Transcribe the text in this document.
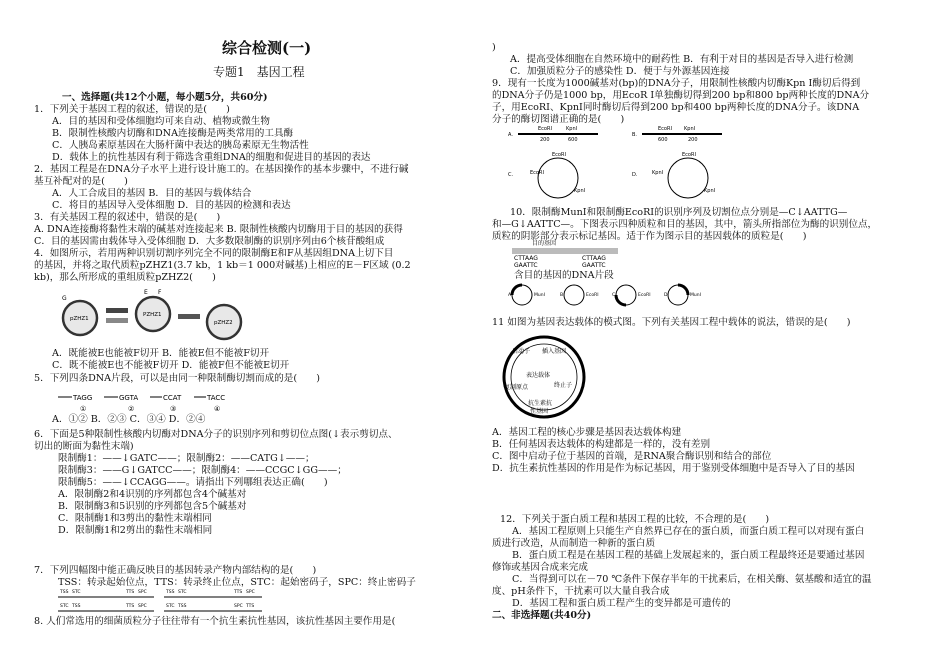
综合检测(一)
专题1　基因工程
一、选择题(共12个小题，每小题5分，共60分)
1．下列关于基因工程的叙述，错误的是(　　)
A．目的基因和受体细胞均可来自动、植物或微生物
B．限制性核酸内切酶和DNA连接酶是两类常用的工具酶
C．人胰岛素原基因在大肠杆菌中表达的胰岛素原无生物活性
D．载体上的抗性基因有利于筛选含重组DNA的细胞和促进目的基因的表达
2．基因工程是在DNA分子水平上进行设计施工的。在基因操作的基本步骤中，不进行碱
基互补配对的是(　　)
A．人工合成目的基因 B．目的基因与载体结合
C．将目的基因导入受体细胞 D．目的基因的检测和表达
3．有关基因工程的叙述中，错误的是(　　)
A. DNA连接酶将黏性末端的碱基对连接起来 B. 限制性核酸内切酶用于目的基因的获得
C．目的基因需由载体导入受体细胞 D．大多数限制酶的识别序列由6个核苷酸组成
4．如图所示，若用两种识别切割序列完全不同的限制酶E和F从基因组DNA上切下目
的基因，并将之取代质粒pZHZ1(3.7 kb，1 kb＝1 000对碱基)上相应的E－F区域 (0.2
kb)，那么所形成的重组质粒pZHZ2(　　)
A．既能被E也能被F切开 B．能被E但不能被F切开
C．既不能被E也不能被F切开 D．能被F但不能被E切开
5．下列四条DNA片段，可以是由同一种限制酶切割而成的是(　　)
A．①② B．②③ C．③④ D．②④
6．下面是5种限制性核酸内切酶对DNA分子的识别序列和剪切位点图(↓表示剪切点、
切出的断面为黏性末端)
限制酶1：——↓GATC——；限制酶2：——CATG↓——；
限制酶3：——G↓GATCC——；限制酶4：——CCGC↓GG——；
限制酶5：——↓CCAGG——。请指出下列哪组表达正确(　　)
A．限制酶2和4识别的序列都包含4个碱基对
B．限制酶3和5识别的序列都包含5个碱基对
C．限制酶1和3剪出的黏性末端相同
D．限制酶1和2剪出的黏性末端相同
7．下列四幅图中能正确反映目的基因转录产物内部结构的是(　　)
TSS：转录起始位点，TTS：转录终止位点，STC：起始密码子，SPC：终止密码子
8. 人们常选用的细菌质粒分子往往带有一个抗生素抗性基因，该抗性基因主要作用是(
)
A．提高受体细胞在自然环境中的耐药性 B．有利于对目的基因是否导入进行检测
C．加强质粒分子的感染性 D．便于与外源基因连接
9．现有一长度为1000碱基对(bp)的DNA分子，用限制性核酸内切酶Kpn Ⅰ酶切后得到
的DNA分子仍是1000 bp，用EcoR Ⅰ单独酶切得到200 bp和800 bp两种长度的DNA分
子，用EcoRⅠ、KpnⅠ同时酶切后得到200 bp和400 bp两种长度的DNA分子。该DNA
分子的酶切图谱正确的是(　　)
10．限制酶MunⅠ和限制酶EcoRⅠ的识别序列及切割位点分别是—C↓AATTG—
和—G↓AATTC—。下图表示四种质粒和目的基因，其中，箭头所指部位为酶的识别位点，
质粒的阴影部分表示标记基因。适于作为图示目的基因载体的质粒是(　　)
含目的基因的DNA片段
11 如图为基因表达载体的模式图。下列有关基因工程中载体的说法，错误的是(　　)
A．基因工程的核心步骤是基因表达载体构建
B．任何基因表达载体的构建都是一样的，没有差别
C．图中启动子位于基因的首端，是RNA聚合酶识别和结合的部位
D．抗生素抗性基因的作用是作为标记基因，用于鉴别受体细胞中是否导入了目的基因
12．下列关于蛋白质工程和基因工程的比较，不合理的是(　　)
A．基因工程原则上只能生产自然界已存在的蛋白质，而蛋白质工程可以对现有蛋白
质进行改造，从而制造一种新的蛋白质
B．蛋白质工程是在基因工程的基础上发展起来的，蛋白质工程最终还是要通过基因
修饰或基因合成来完成
C．当得到可以在－70 ℃条件下保存半年的干扰素后，在相关酶、氨基酸和适宜的温
度、pH条件下，干扰素可以大量自我合成
D．基因工程和蛋白质工程产生的变异都是可遗传的
二、非选择题(共40分)
pZHZ1
G
PZHZ1
E F
pZHZ2
TAGG
①
GGTA
②
CCAT
③
TACC
④
TSS STC	TTS SPC	TSS STC	TTS SPC
STC TSS	TTS SPC	STC TSS	SPC TTS
A.
EcoRⅠ	KpnⅠ
200	600
B.
EcoRⅠ KpnⅠ
600	200
C.
EcoRⅠ
EcoRⅠ
KpnⅠ
D.
EcoRⅠ
KpnⅠ
KpnⅠ
目的基因
CTTAAG	CTTAAG
GAATTC	GAATTC
A	MunⅠ	B	EcoRⅠ	C	EcoRⅠ	D	MunⅠ
启动子 插入基因
表达载体
终止子
复制原点
抗生素抗
性基因
